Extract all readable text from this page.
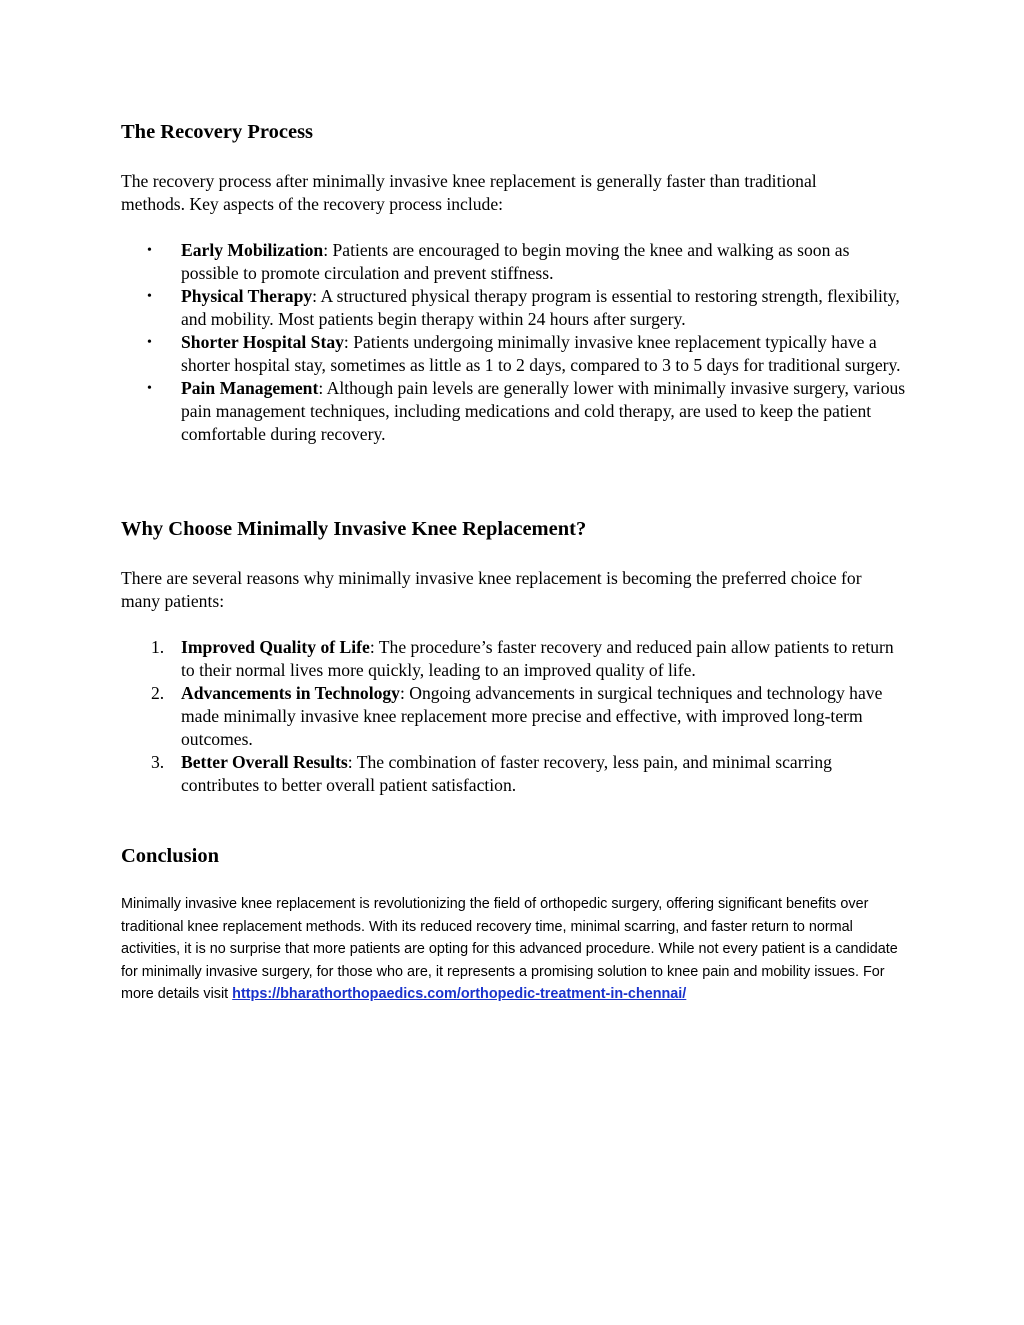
The Recovery Process

The recovery process after minimally invasive knee replacement is generally faster than traditional methods. Key aspects of the recovery process include:

•	Early Mobilization: Patients are encouraged to begin moving the knee and walking as soon as possible to promote circulation and prevent stiffness.
•	Physical Therapy: A structured physical therapy program is essential to restoring strength, flexibility, and mobility. Most patients begin therapy within 24 hours after surgery.
•	Shorter Hospital Stay: Patients undergoing minimally invasive knee replacement typically have a shorter hospital stay, sometimes as little as 1 to 2 days, compared to 3 to 5 days for traditional surgery.
•	Pain Management: Although pain levels are generally lower with minimally invasive surgery, various pain management techniques, including medications and cold therapy, are used to keep the patient comfortable during recovery.
Why Choose Minimally Invasive Knee Replacement?

There are several reasons why minimally invasive knee replacement is becoming the preferred choice for many patients:

1. Improved Quality of Life: The procedure’s faster recovery and reduced pain allow patients to return to their normal lives more quickly, leading to an improved quality of life.
2. Advancements in Technology: Ongoing advancements in surgical techniques and technology have made minimally invasive knee replacement more precise and effective, with improved long-term outcomes.
3. Better Overall Results: The combination of faster recovery, less pain, and minimal scarring contributes to better overall patient satisfaction.
Conclusion

Minimally invasive knee replacement is revolutionizing the field of orthopedic surgery, offering significant benefits over traditional knee replacement methods. With its reduced recovery time, minimal scarring, and faster return to normal activities, it is no surprise that more patients are opting for this advanced procedure. While not every patient is a candidate for minimally invasive surgery, for those who are, it represents a promising solution to knee pain and mobility issues. For more details visit https://bharathorthopaedics.com/orthopedic-treatment-in-chennai/
